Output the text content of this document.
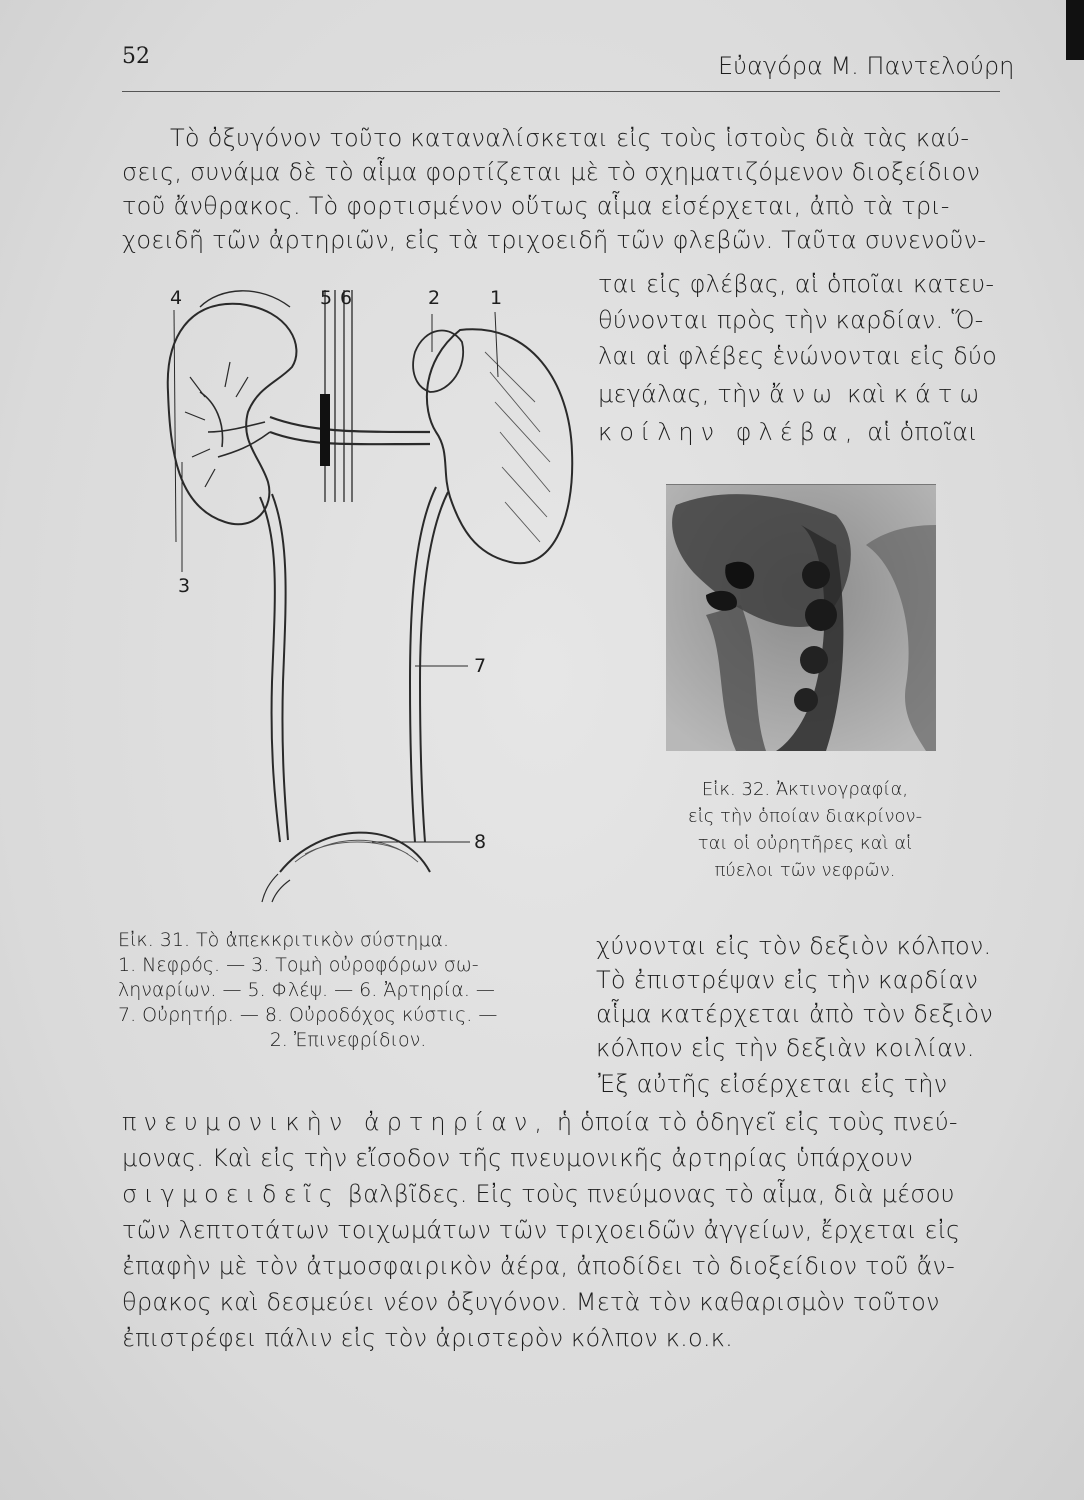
52	Εὐαγόρα Μ. Παντελούρη

Τὸ ὀξυγόνον τοῦτο καταναλίσκεται εἰς τοὺς ἱστοὺς διὰ τὰς καύ-

σεις, συνάμα δὲ τὸ αἷμα φορτίζεται μὲ τὸ σχηματιζόμενον διοξείδιον

τοῦ ἄνθρακος. Τὸ φορτισμένον οὕτως αἷμα εἰσέρχεται, ἀπὸ τὰ τρι-

χοειδῆ τῶν ἀρτηριῶν, εἰς τὰ τριχοειδῆ τῶν φλεβῶν. Ταῦτα συνενοῦν-

ται εἰς φλέβας, αἱ ὁποῖαι κατευ-

θύνονται πρὸς τὴν καρδίαν. Ὅ-

λαι αἱ φλέβες ἑνώνονται εἰς δύο

μεγάλας, τὴν ἄνω καὶ κάτω

κοίλην φλέβα, αἱ ὁποῖαι

4	5 6	2	1
3
7
8

Εἰκ. 32. Ἀκτινογραφία,
εἰς τὴν ὁποίαν διακρίνον-
ται οἱ οὐρητῆρες καὶ αἱ
πύελοι τῶν νεφρῶν.

Εἰκ. 31. Τὸ ἀπεκκριτικὸν σύστημα.
1. Νεφρός. — 3. Τομὴ οὐροφόρων σω-
ληναρίων. — 5. Φλέψ. — 6. Ἀρτηρία. —
7. Οὐρητήρ. — 8. Οὐροδόχος κύστις. —
2. Ἐπινεφρίδιον.

χύνονται εἰς τὸν δεξιὸν κόλπον.

Τὸ ἐπιστρέψαν εἰς τὴν καρδίαν

αἷμα κατέρχεται ἀπὸ τὸν δεξιὸν

κόλπον εἰς τὴν δεξιὰν κοιλίαν.

Ἐξ αὐτῆς εἰσέρχεται εἰς τὴν

πνευμονικὴν ἀρτηρίαν, ἡ ὁποία τὸ ὁδηγεῖ εἰς τοὺς πνεύ-

μονας. Καὶ εἰς τὴν εἴσοδον τῆς πνευμονικῆς ἀρτηρίας ὑπάρχουν

σιγμοειδεῖς βαλβῖδες. Εἰς τοὺς πνεύμονας τὸ αἷμα, διὰ μέσου

τῶν λεπτοτάτων τοιχωμάτων τῶν τριχοειδῶν ἀγγείων, ἔρχεται εἰς

ἐπαφὴν μὲ τὸν ἀτμοσφαιρικὸν ἀέρα, ἀποδίδει τὸ διοξείδιον τοῦ ἄν-

θρακος καὶ δεσμεύει νέον ὀξυγόνον. Μετὰ τὸν καθαρισμὸν τοῦτον

ἐπιστρέφει πάλιν εἰς τὸν ἀριστερὸν κόλπον κ.ο.κ.
